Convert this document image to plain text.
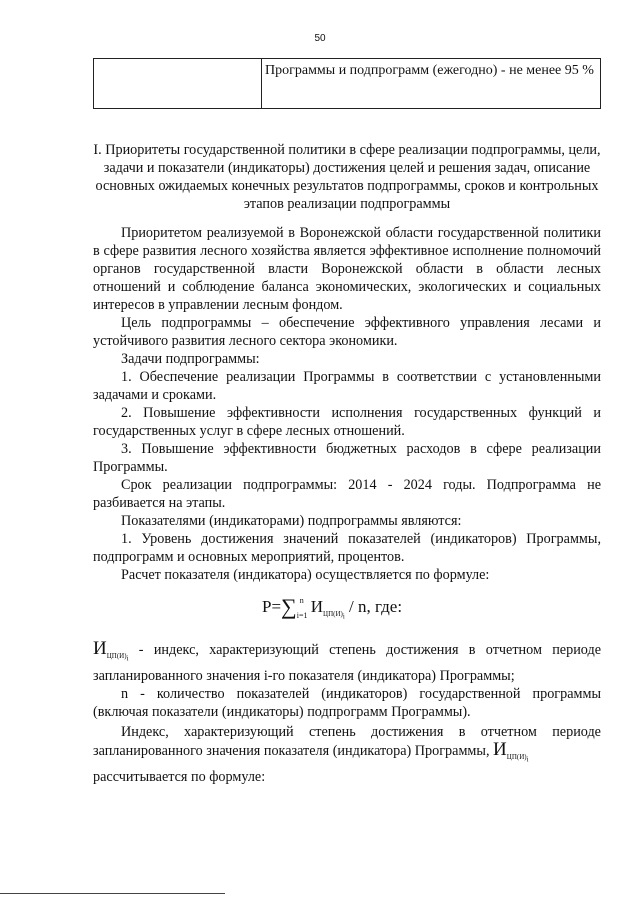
50
	Программы и подпрограмм (ежегодно) - не менее 95 %
I. Приоритеты государственной политики в сфере реализации подпрограммы, цели, задачи и показатели (индикаторы) достижения целей и решения задач, описание основных ожидаемых конечных результатов подпрограммы, сроков и контрольных этапов реализации подпрограммы

Приоритетом реализуемой в Воронежской области государственной политики в сфере развития лесного хозяйства является эффективное исполнение полномочий органов государственной власти Воронежской области в области лесных отношений и соблюдение баланса экономических, экологических и социальных интересов в управлении лесным фондом.

Цель подпрограммы – обеспечение эффективного управления лесами и устойчивого развития лесного сектора экономики.

Задачи подпрограммы:

1. Обеспечение реализации Программы в соответствии с установленными задачами и сроками.

2. Повышение эффективности исполнения государственных функций и государственных услуг в сфере лесных отношений.

3. Повышение эффективности бюджетных расходов в сфере реализации Программы.

Срок реализации подпрограммы: 2014 - 2024 годы. Подпрограмма не разбивается на этапы.

Показателями (индикаторами) подпрограммы являются:

1. Уровень достижения значений показателей (индикаторов) Программы, подпрограмм и основных мероприятий, процентов.

Расчет показателя (индикатора) осуществляется по формуле:

P=∑ n
i=1 $И_{ЦП(И)_i}$ / n, где:

$И_{ЦП(И)_i}$ - индекс, характеризующий степень достижения в отчетном периоде запланированного значения i-го показателя (индикатора) Программы;

n - количество показателей (индикаторов) государственной программы (включая показатели (индикаторы) подпрограмм Программы).

Индекс, характеризующий степень достижения в отчетном периоде запланированного значения показателя (индикатора) Программы, $И_{ЦП(И)_i}$

рассчитывается по формуле:
